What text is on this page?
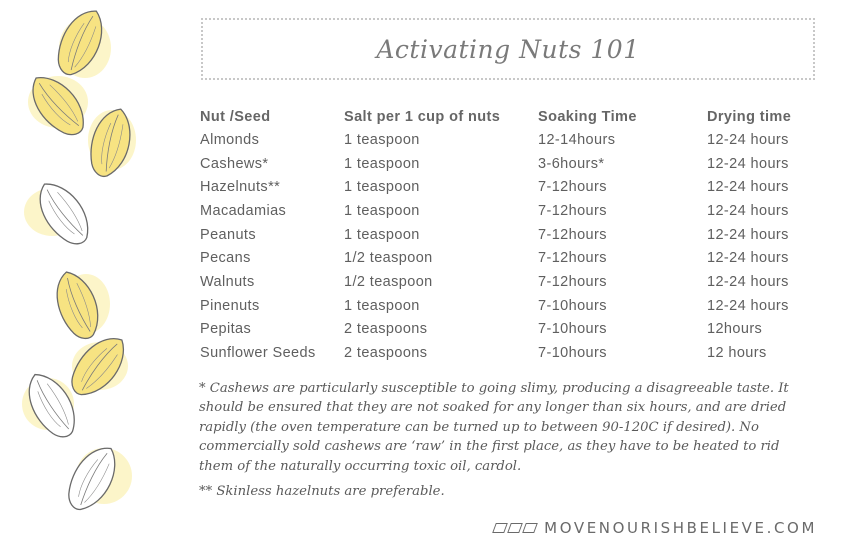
Activating Nuts 101
Nut /Seed	Salt per 1 cup of nuts	Soaking Time	Drying time
Almonds	1 teaspoon	12-14hours	12-24 hours
Cashews*	1 teaspoon	3-6hours*	12-24 hours
Hazelnuts**	1 teaspoon	7-12hours	12-24 hours
Macadamias	1 teaspoon	7-12hours	12-24 hours
Peanuts	1 teaspoon	7-12hours	12-24 hours
Pecans	1/2 teaspoon	7-12hours	12-24 hours
Walnuts	1/2 teaspoon	7-12hours	12-24 hours
Pinenuts	1 teaspoon	7-10hours	12-24 hours
Pepitas	2 teaspoons	7-10hours	12hours
Sunflower Seeds	2 teaspoons	7-10hours	12 hours

* Cashews are particularly susceptible to going slimy, producing a disagreeable taste. It should be ensured that they are not soaked for any longer than six hours, and are dried rapidly (the oven temperature can be turned up to between 90-120C if desired). No commercially sold cashews are ‘raw’ in the first place, as they have to be heated to rid them of the naturally occurring toxic oil, cardol.

** Skinless hazelnuts are preferable.

MOVENOURISHBELIEVE.COM
